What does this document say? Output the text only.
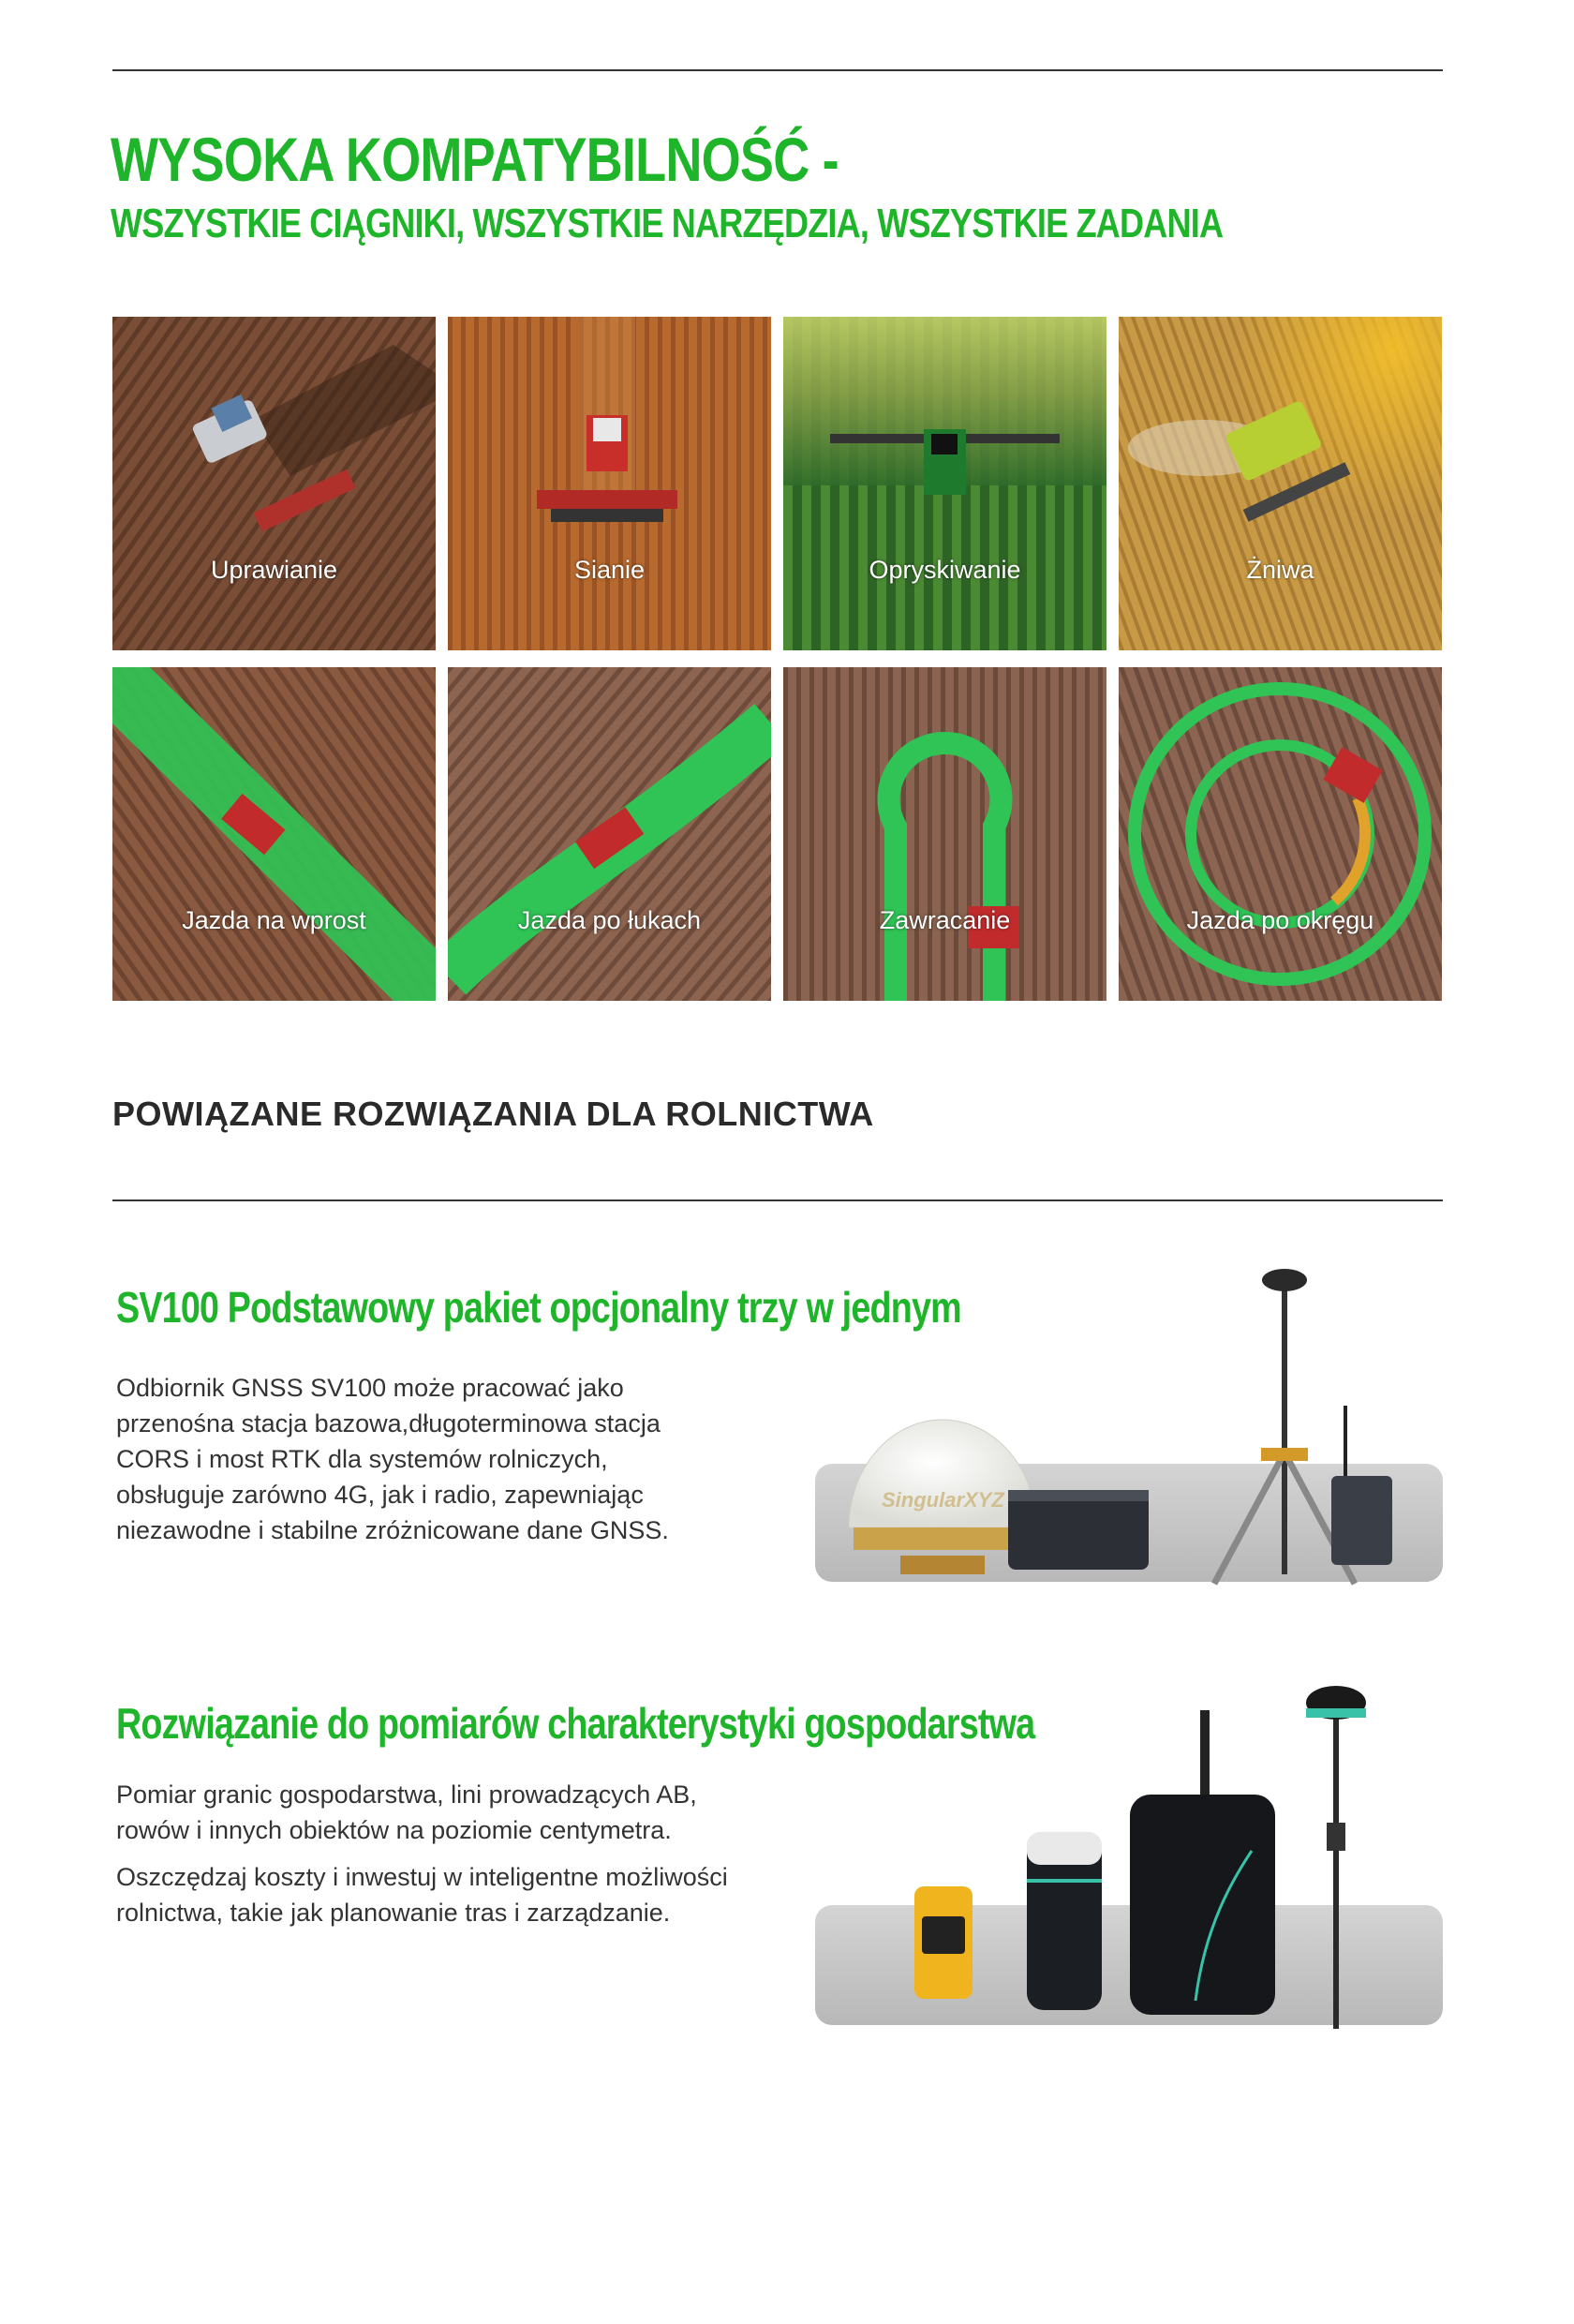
WYSOKA KOMPATYBILNOŚĆ -
WSZYSTKIE CIĄGNIKI, WSZYSTKIE NARZĘDZIA, WSZYSTKIE ZADANIA
Uprawianie	Sianie	Opryskiwanie	Żniwa
Jazda na wprost	Jazda po łukach	Zawracanie	Jazda po okręgu
POWIĄZANE ROZWIĄZANIA DLA ROLNICTWA
SV100 Podstawowy pakiet opcjonalny trzy w jednym
Odbiornik GNSS SV100 może pracować jako
przenośna stacja bazowa,długoterminowa stacja
CORS i most RTK dla systemów rolniczych,
obsługuje zarówno 4G, jak i radio, zapewniając
niezawodne i stabilne zróżnicowane dane GNSS.
SingularXYZ
Rozwiązanie do pomiarów charakterystyki gospodarstwa
Pomiar granic gospodarstwa, lini prowadzących AB,
rowów i innych obiektów na poziomie centymetra.
Oszczędzaj koszty i inwestuj w inteligentne możliwości
rolnictwa, takie jak planowanie tras i zarządzanie.
